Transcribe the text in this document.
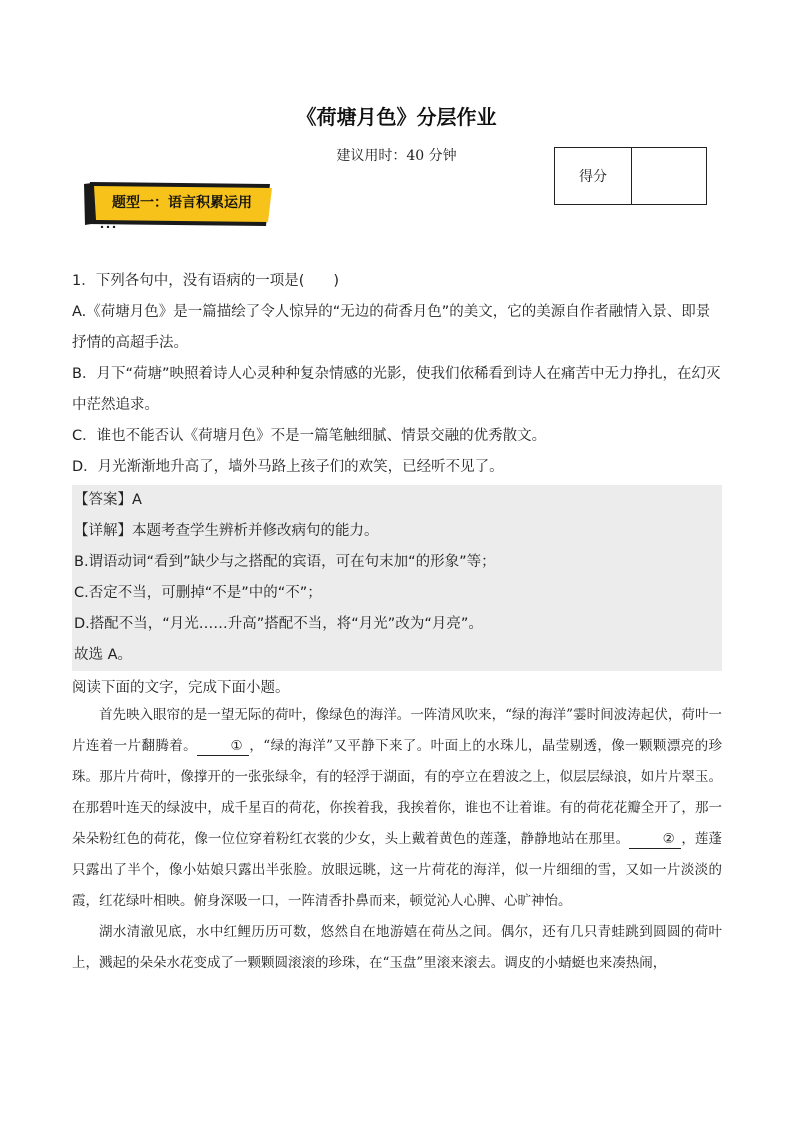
《荷塘月色》分层作业
建议用时：40 分钟
得分	
题型一：语言积累运用
1．下列各句中，没有语病的一项是(　　)
A.《荷塘月色》是一篇描绘了令人惊异的“无边的荷香月色”的美文，它的美源自作者融情入景、即景抒情的高超手法。
B．月下“荷塘”映照着诗人心灵种种复杂情感的光影，使我们依稀看到诗人在痛苦中无力挣扎，在幻灭中茫然追求。
C．谁也不能否认《荷塘月色》不是一篇笔触细腻、情景交融的优秀散文。
D．月光渐渐地升高了，墙外马路上孩子们的欢笑，已经听不见了。
【答案】A
【详解】本题考查学生辨析并修改病句的能力。
B.谓语动词“看到”缺少与之搭配的宾语，可在句末加“的形象”等；
C.否定不当，可删掉“不是”中的“不”；
D.搭配不当，“月光……升高”搭配不当，将“月光”改为“月亮”。
故选 A。
阅读下面的文字，完成下面小题。

首先映入眼帘的是一望无际的荷叶，像绿色的海洋。一阵清风吹来，“绿的海洋”霎时间波涛起伏，荷叶一片连着一片翻腾着。 ① ，“绿的海洋”又平静下来了。叶面上的水珠儿，晶莹剔透，像一颗颗漂亮的珍珠。那片片荷叶，像撑开的一张张绿伞，有的轻浮于湖面，有的亭立在碧波之上，似层层绿浪，如片片翠玉。在那碧叶连天的绿波中，成千星百的荷花，你挨着我，我挨着你，谁也不让着谁。有的荷花花瓣全开了，那一朵朵粉红色的荷花，像一位位穿着粉红衣裳的少女，头上戴着黄色的莲蓬，静静地站在那里。 ② ，莲蓬只露出了半个，像小姑娘只露出半张脸。放眼远眺，这一片荷花的海洋，似一片细细的雪，又如一片淡淡的霞，红花绿叶相映。俯身深吸一口，一阵清香扑鼻而来，顿觉沁人心脾、心旷神怡。

湖水清澈见底，水中红鲤历历可数，悠然自在地游嬉在荷丛之间。偶尔，还有几只青蛙跳到圆圆的荷叶上，溅起的朵朵水花变成了一颗颗圆滚滚的珍珠，在“玉盘”里滚来滚去。调皮的小蜻蜓也来凑热闹，
